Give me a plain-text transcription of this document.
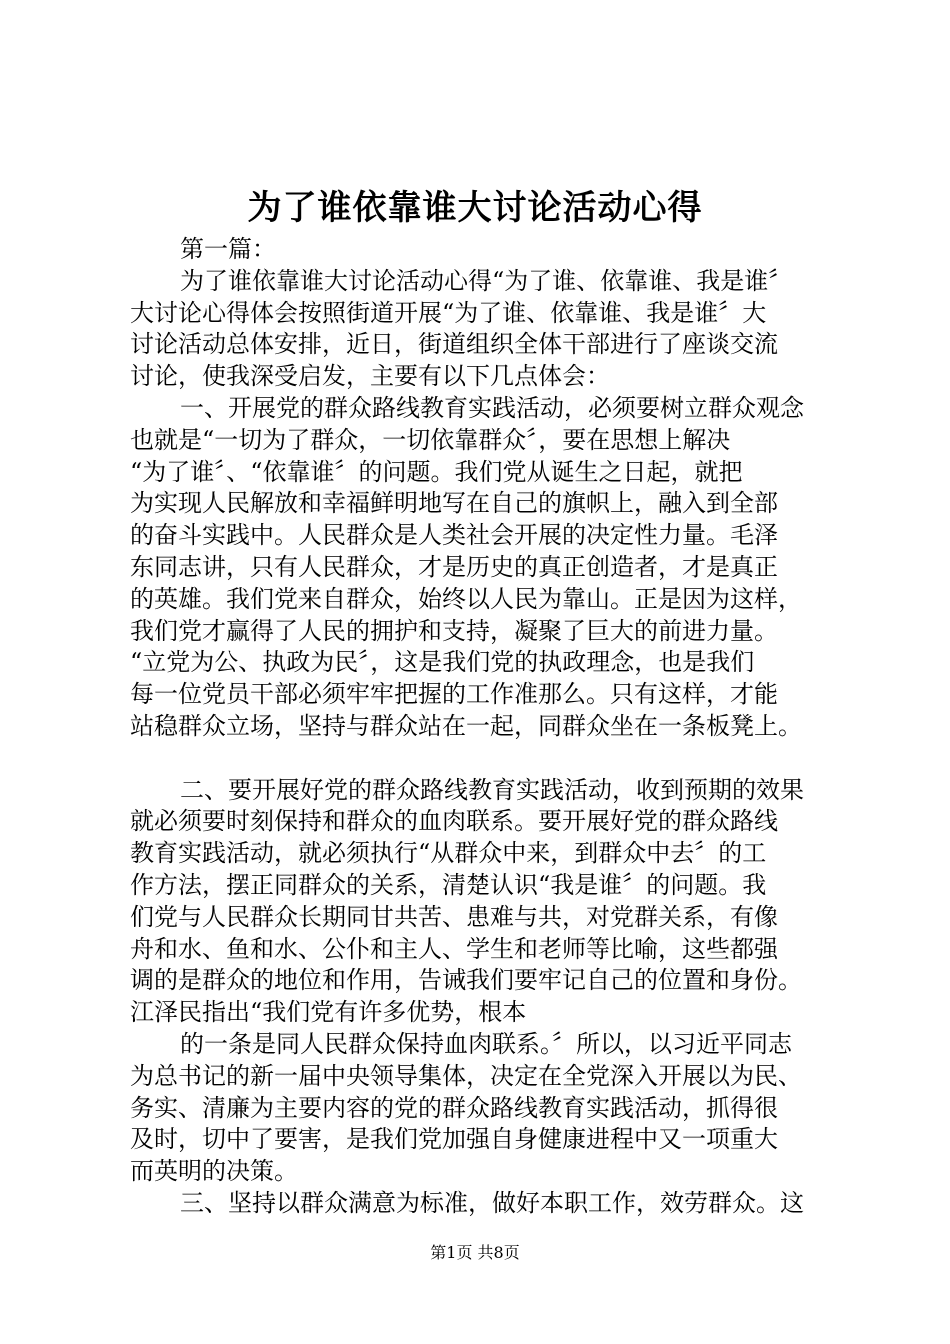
为了谁依靠谁大讨论活动心得
第一篇：
为了谁依靠谁大讨论活动心得“为了谁、依靠谁、我是谁〞
大讨论心得体会按照街道开展“为了谁、依靠谁、我是谁〞大
讨论活动总体安排，近日，街道组织全体干部进行了座谈交流
讨论，使我深受启发，主要有以下几点体会：
一、开展党的群众路线教育实践活动，必须要树立群众观念
也就是“一切为了群众，一切依靠群众〞，要在思想上解决
“为了谁〞、“依靠谁〞的问题。我们党从诞生之日起，就把
为实现人民解放和幸福鲜明地写在自己的旗帜上，融入到全部
的奋斗实践中。人民群众是人类社会开展的决定性力量。毛泽
东同志讲，只有人民群众，才是历史的真正创造者，才是真正
的英雄。我们党来自群众，始终以人民为靠山。正是因为这样，
我们党才赢得了人民的拥护和支持，凝聚了巨大的前进力量。
“立党为公、执政为民〞，这是我们党的执政理念，也是我们
每一位党员干部必须牢牢把握的工作准那么。只有这样，才能
站稳群众立场，坚持与群众站在一起，同群众坐在一条板凳上。
二、要开展好党的群众路线教育实践活动，收到预期的效果
就必须要时刻保持和群众的血肉联系。要开展好党的群众路线
教育实践活动，就必须执行“从群众中来，到群众中去〞的工
作方法，摆正同群众的关系，清楚认识“我是谁〞的问题。我
们党与人民群众长期同甘共苦、患难与共，对党群关系，有像
舟和水、鱼和水、公仆和主人、学生和老师等比喻，这些都强
调的是群众的地位和作用，告诫我们要牢记自己的位置和身份。
江泽民指出“我们党有许多优势，根本
的一条是同人民群众保持血肉联系。〞所以，以习近平同志
为总书记的新一届中央领导集体，决定在全党深入开展以为民、
务实、清廉为主要内容的党的群众路线教育实践活动，抓得很
及时，切中了要害，是我们党加强自身健康进程中又一项重大
而英明的决策。
三、坚持以群众满意为标准，做好本职工作，效劳群众。这
第1页 共8页
